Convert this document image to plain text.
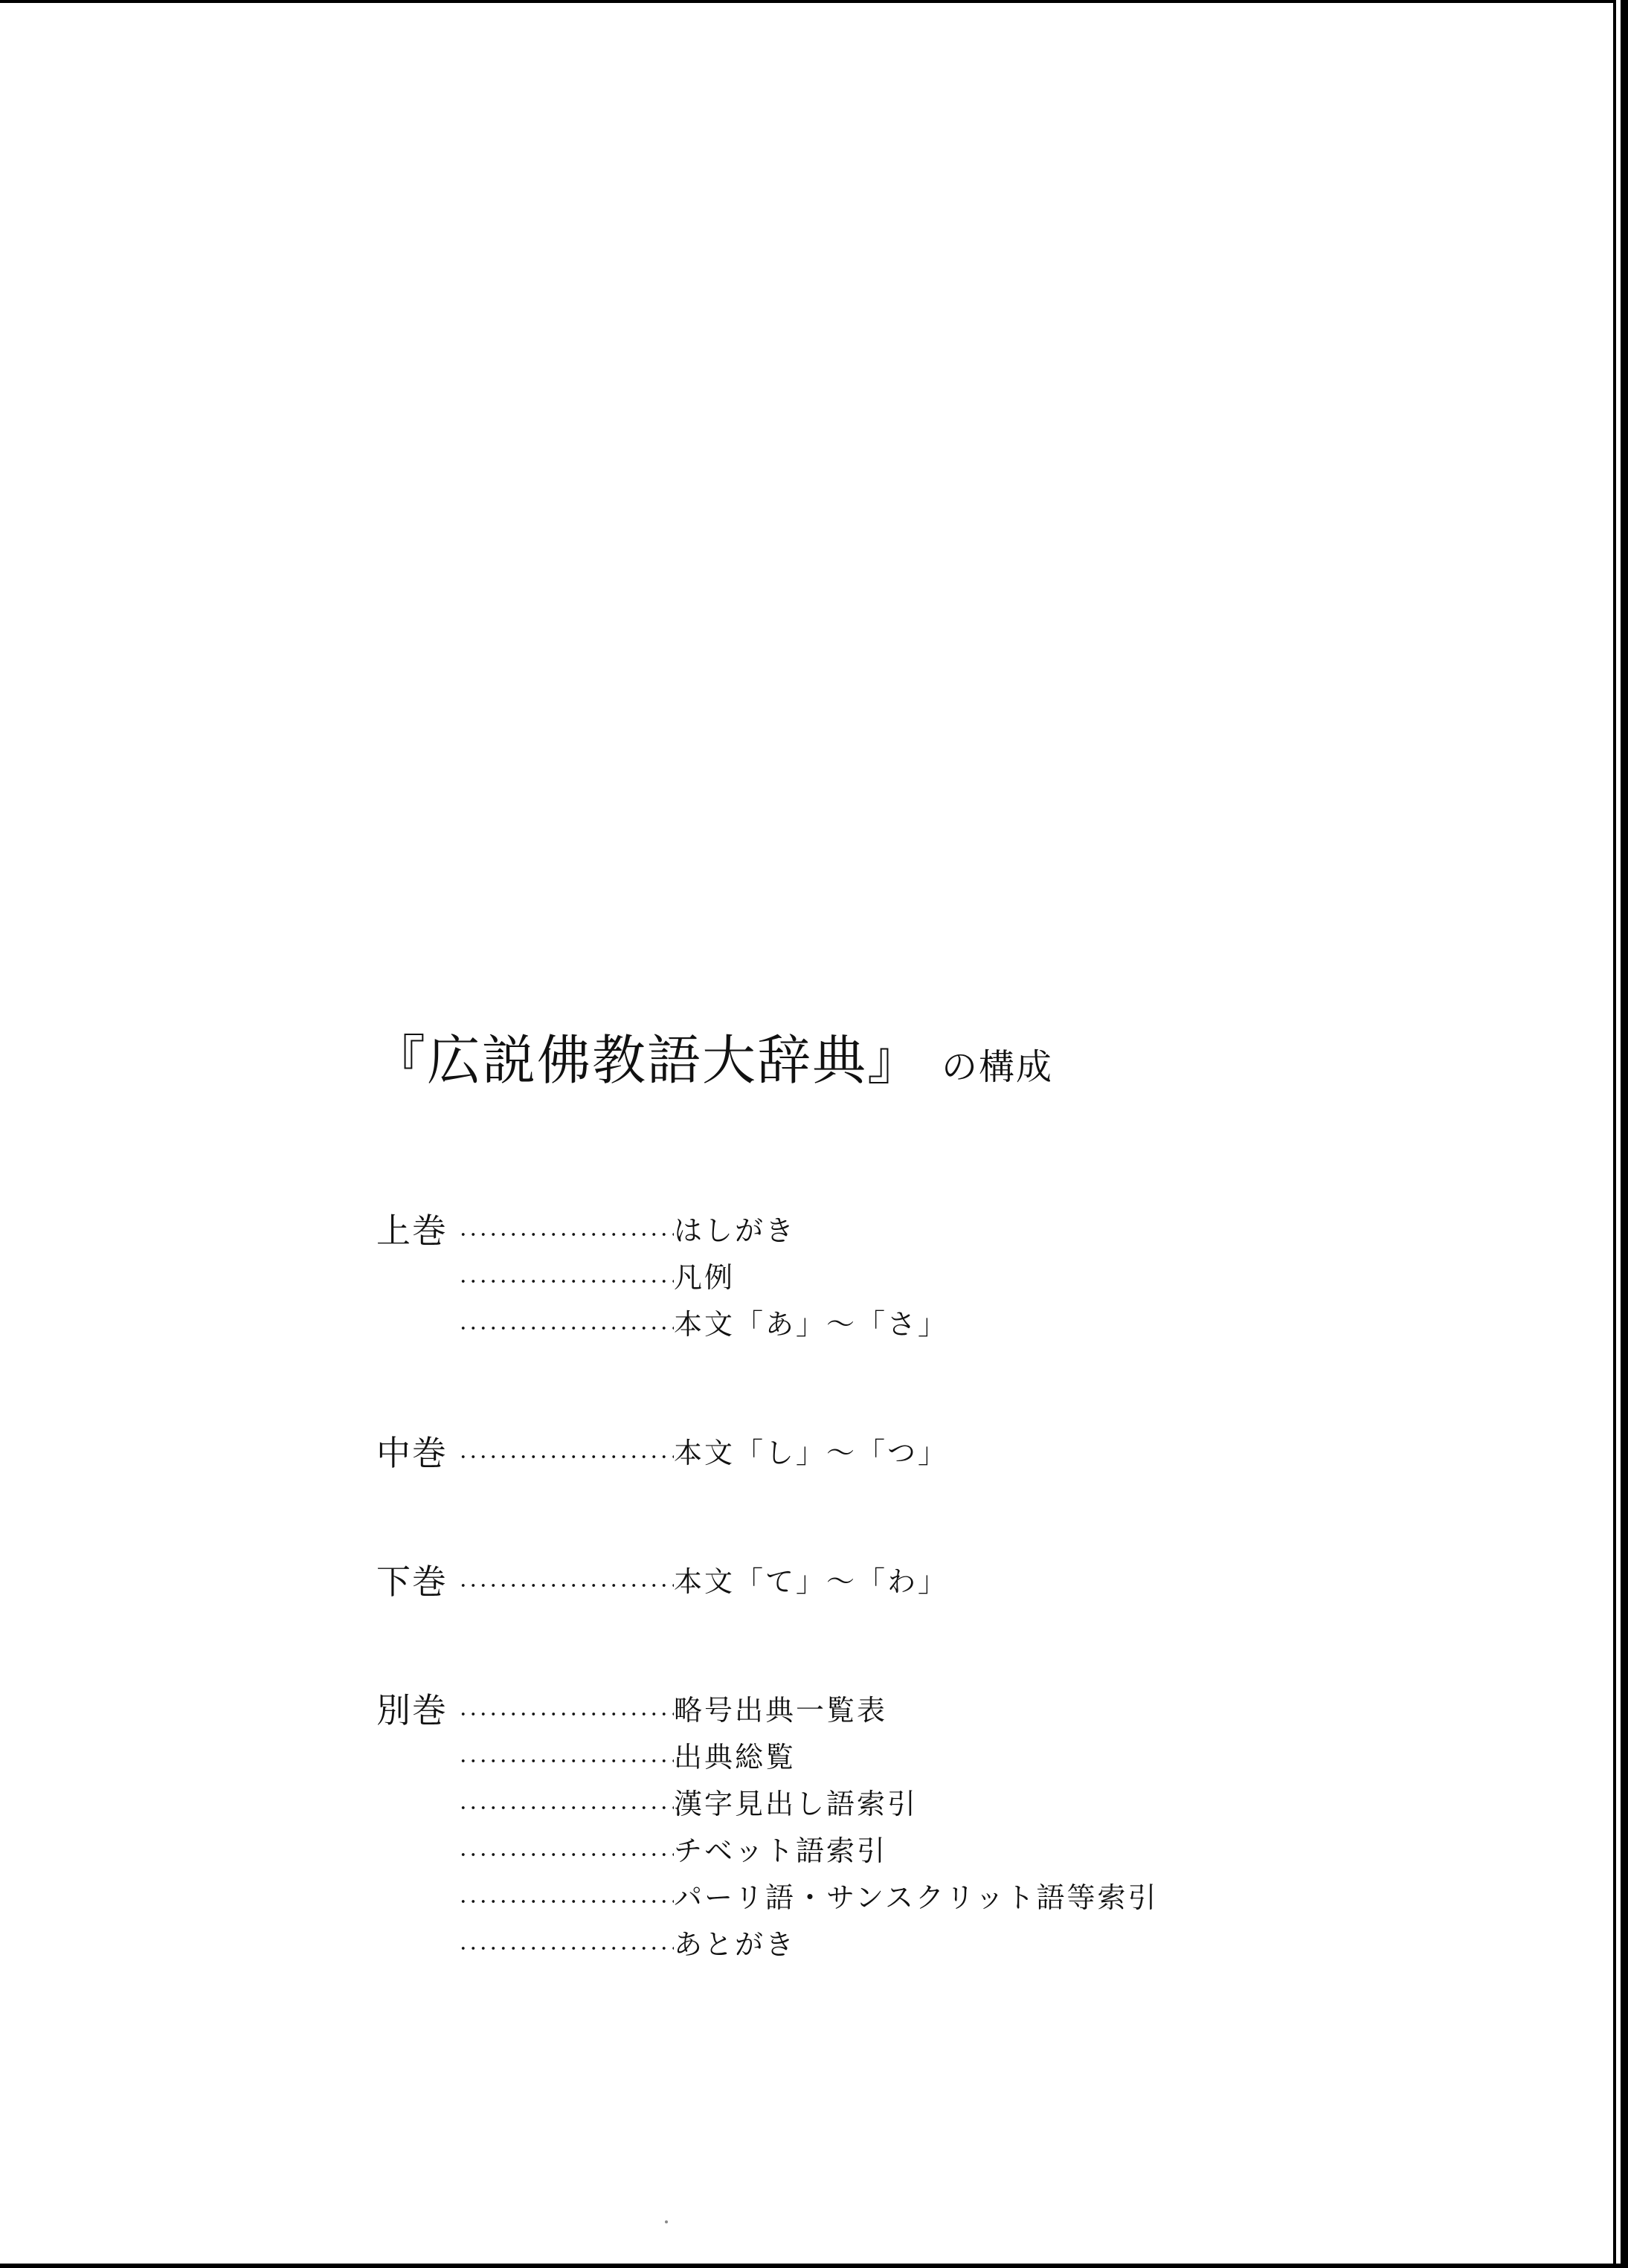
『広説佛教語大辞典』 の構成
上巻	はしがき
凡例
本文「あ」～「さ」
中巻	本文「し」～「つ」
下巻	本文「て」～「わ」
別巻	略号出典一覧表
出典総覧
漢字見出し語索引
チベット語索引
パーリ語・サンスクリット語等索引
あとがき
